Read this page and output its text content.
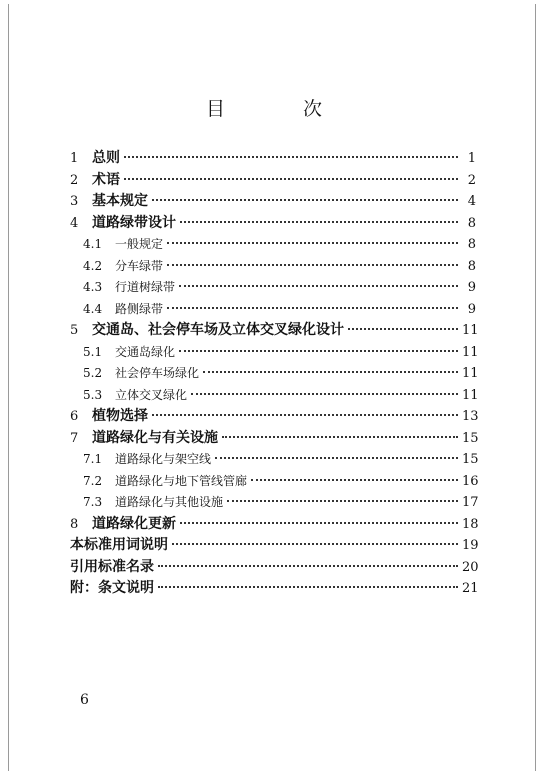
目 次
1 总则	1
2 术语	2
3 基本规定	4
4 道路绿带设计	8
4.1	一般规定	8
4.2	分车绿带	8
4.3	行道树绿带	9
4.4	路侧绿带	9
5 交通岛、社会停车场及立体交叉绿化设计	11
5.1	交通岛绿化	11
5.2	社会停车场绿化	11
5.3	立体交叉绿化	11
6 植物选择	13
7 道路绿化与有关设施	15
7.1	道路绿化与架空线	15
7.2	道路绿化与地下管线管廊	16
7.3	道路绿化与其他设施	17
8 道路绿化更新	18
本标准用词说明	19
引用标准名录	20
附：条文说明	21
6
